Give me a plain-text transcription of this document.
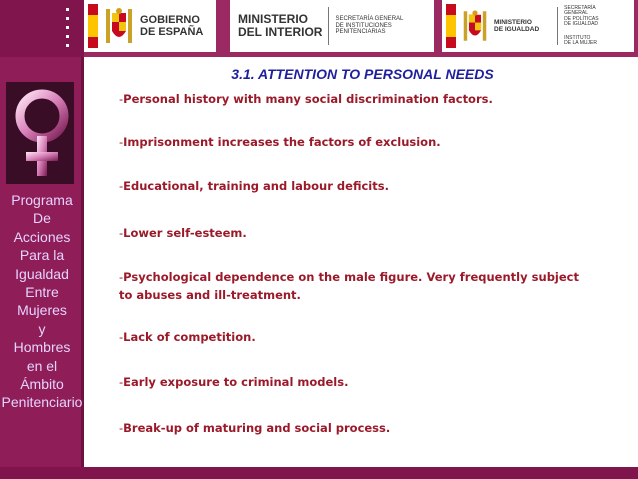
Programa
De
Acciones
Para la
Igualdad
Entre
Mujeres
y
Hombres
en el
Ámbito
Penitenciario
GOBIERNO
DE ESPAÑA
MINISTERIO
DEL INTERIOR
SECRETARÍA GENERAL
DE INSTITUCIONES
PENITENCIARIAS
MINISTERIO
DE IGUALDAD
SECRETARÍA
GENERAL
DE POLÍTICAS
DE IGUALDAD
INSTITUTO
DE LA MUJER
3.1. ATTENTION TO PERSONAL NEEDS
-Personal history with many social discrimination factors.
-Imprisonment increases the factors of exclusion.
-Educational, training and labour deficits.
-Lower self-esteem.
-Psychological dependence on the male figure. Very frequently subject to abuses and ill-treatment.
-Lack of competition.
-Early exposure to criminal models.
-Break-up of maturing and social process.
